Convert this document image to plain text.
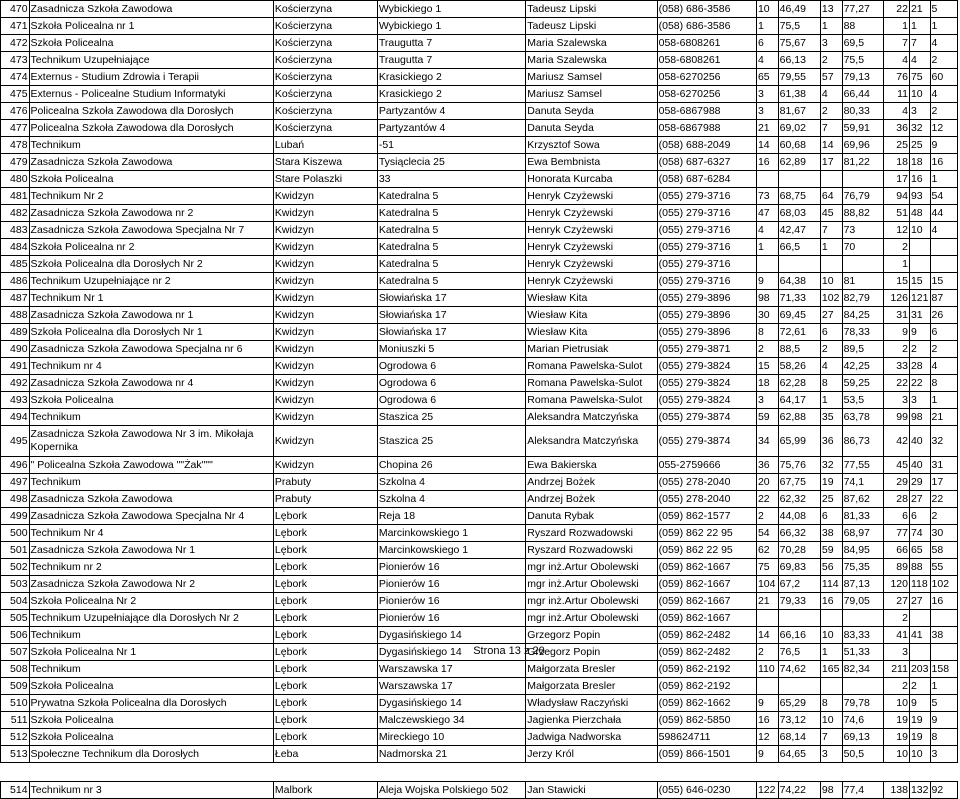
470	Zasadnicza Szkoła Zawodowa	Kościerzyna	Wybickiego 1	Tadeusz Lipski	(058) 686-3586	10	46,49	13	77,27	22	21	5
471	Szkoła Policealna nr 1	Kościerzyna	Wybickiego 1	Tadeusz Lipski	(058) 686-3586	1	75,5	1	88	1	1	1
472	Szkoła Policealna	Kościerzyna	Traugutta 7	Maria Szalewska	058-6808261	6	75,67	3	69,5	7	7	4
473	Technikum Uzupełniające	Kościerzyna	Traugutta 7	Maria Szalewska	058-6808261	4	66,13	2	75,5	4	4	2
474	Externus - Studium Zdrowia i Terapii	Kościerzyna	Krasickiego 2	Mariusz Samsel	058-6270256	65	79,55	57	79,13	76	75	60
475	Externus - Policealne Studium Informatyki	Kościerzyna	Krasickiego 2	Mariusz Samsel	058-6270256	3	61,38	4	66,44	11	10	4
476	Policealna Szkoła Zawodowa dla Dorosłych	Kościerzyna	Partyzantów 4	Danuta Seyda	058-6867988	3	81,67	2	80,33	4	3	2
477	Policealna Szkoła Zawodowa dla Dorosłych	Kościerzyna	Partyzantów 4	Danuta Seyda	058-6867988	21	69,02	7	59,91	36	32	12
478	Technikum	Lubań	-51	Krzysztof Sowa	(058) 688-2049	14	60,68	14	69,96	25	25	9
479	Zasadnicza Szkoła Zawodowa	Stara Kiszewa	Tysiąclecia 25	Ewa Bembnista	(058) 687-6327	16	62,89	17	81,22	18	18	16
480	Szkoła Policealna	Stare Polaszki	33	Honorata Kurcaba	(058) 687-6284					17	16	1
481	Technikum Nr 2	Kwidzyn	Katedralna 5	Henryk Czyżewski	(055) 279-3716	73	68,75	64	76,79	94	93	54
482	Zasadnicza Szkoła Zawodowa nr 2	Kwidzyn	Katedralna 5	Henryk Czyżewski	(055) 279-3716	47	68,03	45	88,82	51	48	44
483	Zasadnicza Szkoła Zawodowa Specjalna Nr 7	Kwidzyn	Katedralna 5	Henryk Czyżewski	(055) 279-3716	4	42,47	7	73	12	10	4
484	Szkoła Policealna nr 2	Kwidzyn	Katedralna 5	Henryk Czyżewski	(055) 279-3716	1	66,5	1	70	2		
485	Szkoła Policealna dla Dorosłych Nr 2	Kwidzyn	Katedralna 5	Henryk Czyżewski	(055) 279-3716					1		
486	Technikum Uzupełniające nr 2	Kwidzyn	Katedralna 5	Henryk Czyżewski	(055) 279-3716	9	64,38	10	81	15	15	15
487	Technikum Nr 1	Kwidzyn	Słowiańska 17	Wiesław Kita	(055) 279-3896	98	71,33	102	82,79	126	121	87
488	Zasadnicza Szkoła Zawodowa nr 1	Kwidzyn	Słowiańska 17	Wiesław Kita	(055) 279-3896	30	69,45	27	84,25	31	31	26
489	Szkoła Policealna dla Dorosłych Nr 1	Kwidzyn	Słowiańska 17	Wiesław Kita	(055) 279-3896	8	72,61	6	78,33	9	9	6
490	Zasadnicza Szkoła Zawodowa Specjalna nr 6	Kwidzyn	Moniuszki 5	Marian Pietrusiak	(055) 279-3871	2	88,5	2	89,5	2	2	2
491	Technikum nr 4	Kwidzyn	Ogrodowa 6	Romana Pawelska-Sulot	(055) 279-3824	15	58,26	4	42,25	33	28	4
492	Zasadnicza Szkoła Zawodowa nr 4	Kwidzyn	Ogrodowa 6	Romana Pawelska-Sulot	(055) 279-3824	18	62,28	8	59,25	22	22	8
493	Szkoła Policealna	Kwidzyn	Ogrodowa 6	Romana Pawelska-Sulot	(055) 279-3824	3	64,17	1	53,5	3	3	1
494	Technikum	Kwidzyn	Staszica 25	Aleksandra Matczyńska	(055) 279-3874	59	62,88	35	63,78	99	98	21
495	Zasadnicza Szkoła Zawodowa Nr 3 im. Mikołaja Kopernika	Kwidzyn	Staszica 25	Aleksandra Matczyńska	(055) 279-3874	34	65,99	36	86,73	42	40	32
496	" Policealna Szkoła Zawodowa ""Żak"""	Kwidzyn	Chopina 26	Ewa Bakierska	055-2759666	36	75,76	32	77,55	45	40	31
497	Technikum	Prabuty	Szkolna 4	Andrzej Bożek	(055) 278-2040	20	67,75	19	74,1	29	29	17
498	Zasadnicza Szkoła Zawodowa	Prabuty	Szkolna 4	Andrzej Bożek	(055) 278-2040	22	62,32	25	87,62	28	27	22
499	Zasadnicza Szkoła Zawodowa Specjalna Nr 4	Lębork	Reja 18	Danuta Rybak	(059) 862-1577	2	44,08	6	81,33	6	6	2
500	Technikum Nr 4	Lębork	Marcinkowskiego 1	Ryszard Rozwadowski	(059) 862 22 95	54	66,32	38	68,97	77	74	30
501	Zasadnicza Szkoła Zawodowa Nr 1	Lębork	Marcinkowskiego 1	Ryszard Rozwadowski	(059) 862 22 95	62	70,28	59	84,95	66	65	58
502	Technikum nr 2	Lębork	Pionierów 16	mgr inż.Artur Obolewski	(059) 862-1667	75	69,83	56	75,35	89	88	55
503	Zasadnicza Szkoła Zawodowa Nr 2	Lębork	Pionierów 16	mgr inż.Artur Obolewski	(059) 862-1667	104	67,2	114	87,13	120	118	102
504	Szkoła Policealna Nr 2	Lębork	Pionierów 16	mgr inż.Artur Obolewski	(059) 862-1667	21	79,33	16	79,05	27	27	16
505	Technikum Uzupełniające dla Dorosłych Nr 2	Lębork	Pionierów 16	mgr inż.Artur Obolewski	(059) 862-1667					2		
506	Technikum	Lębork	Dygasińskiego 14	Grzegorz Popin	(059) 862-2482	14	66,16	10	83,33	41	41	38
507	Szkoła Policealna Nr 1	Lębork	Dygasińskiego 14	Grzegorz Popin	(059) 862-2482	2	76,5	1	51,33	3		
508	Technikum	Lębork	Warszawska 17	Małgorzata Bresler	(059) 862-2192	110	74,62	165	82,34	211	203	158
509	Szkoła Policealna	Lębork	Warszawska 17	Małgorzata Bresler	(059) 862-2192					2	2	1
510	Prywatna Szkoła Policealna dla Dorosłych	Lębork	Dygasińskiego 14	Władysław Raczyński	(059) 862-1662	9	65,29	8	79,78	10	9	5
511	Szkoła Policealna	Lębork	Malczewskiego 34	Jagienka Pierzchała	(059) 862-5850	16	73,12	10	74,6	19	19	9
512	Szkoła Policealna	Lębork	Mireckiego 10	Jadwiga Nadworska	598624711	12	68,14	7	69,13	19	19	8
513	Społeczne Technikum dla Dorosłych	Łeba	Nadmorska 21	Jerzy Król	(059) 866-1501	9	64,65	3	50,5	10	10	3

514	Technikum nr 3	Malbork	Aleja Wojska Polskiego 502	Jan Stawicki	(055) 646-0230	122	74,22	98	77,4	138	132	92
Strona 13 z 20
